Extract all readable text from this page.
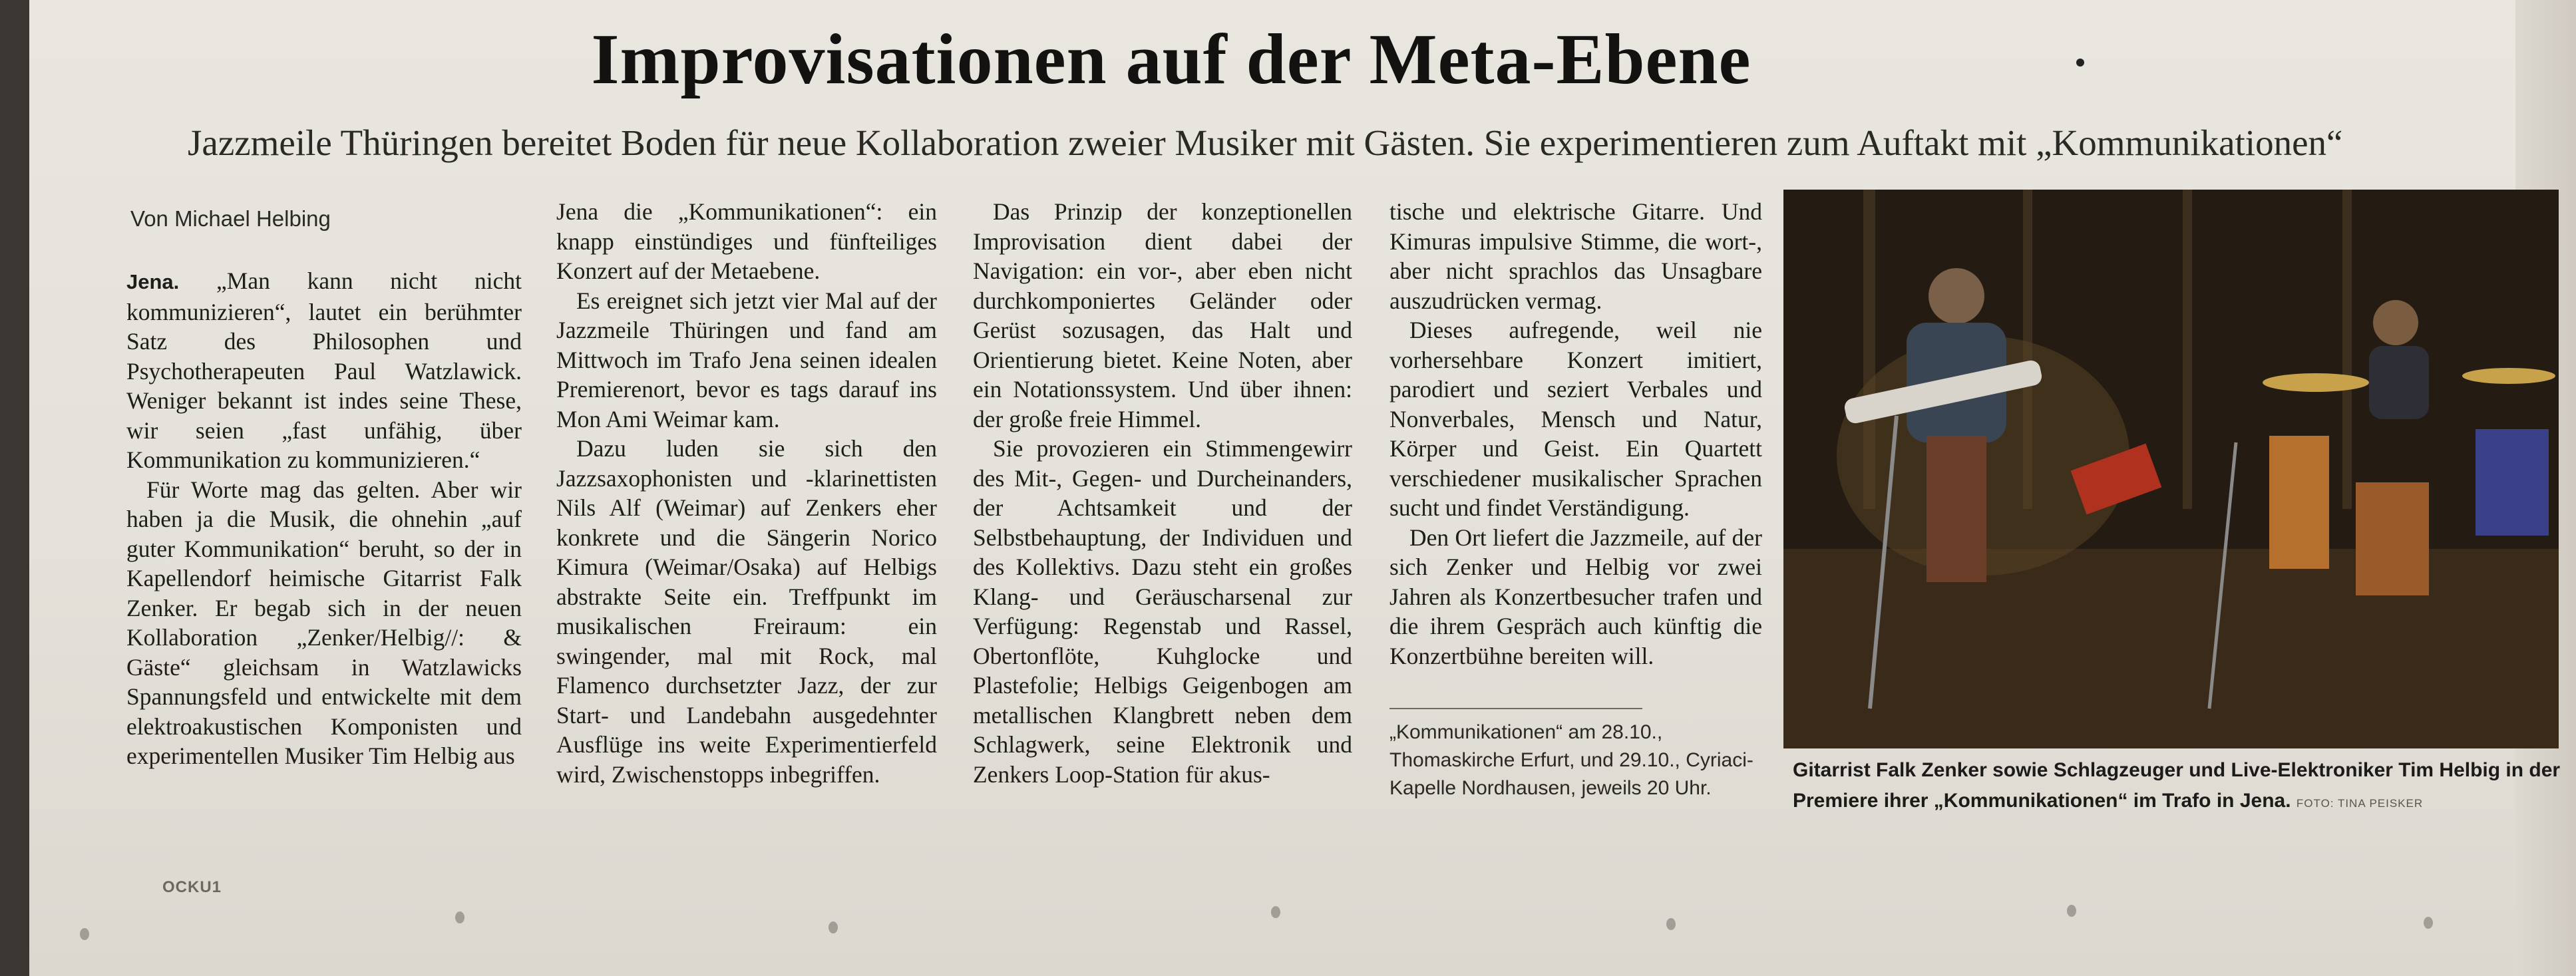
Improvisationen auf der Meta-Ebene
Jazzmeile Thüringen bereitet Boden für neue Kollaboration zweier Musiker mit Gästen. Sie experimentieren zum Auftakt mit „Kommunikationen“
Von Michael Helbing

Jena. „Man kann nicht nicht kommunizieren“, lautet ein berühmter Satz des Philosophen und Psychotherapeuten Paul Watzlawick. Weniger bekannt ist indes seine These, wir seien „fast unfähig, über Kommunikation zu kommunizieren.“

Für Worte mag das gelten. Aber wir haben ja die Musik, die ohnehin „auf guter Kommunikation“ beruht, so der in Kapellendorf heimische Gitarrist Falk Zenker. Er begab sich in der neuen Kollaboration „Zenker/Helbig//: & Gäste“ gleichsam in Watzlawicks Spannungsfeld und entwickelte mit dem elektroakustischen Komponisten und experimentellen Musiker Tim Helbig aus

Jena die „Kommunikationen“: ein knapp einstündiges und fünfteiliges Konzert auf der Metaebene.

Es ereignet sich jetzt vier Mal auf der Jazzmeile Thüringen und fand am Mittwoch im Trafo Jena seinen idealen Premierenort, bevor es tags darauf ins Mon Ami Weimar kam.

Dazu luden sie sich den Jazzsaxophonisten und -klarinettisten Nils Alf (Weimar) auf Zenkers eher konkrete und die Sängerin Norico Kimura (Weimar/Osaka) auf Helbigs abstrakte Seite ein. Treffpunkt im musikalischen Freiraum: ein swingender, mal mit Rock, mal Flamenco durchsetzter Jazz, der zur Start- und Landebahn ausgedehnter Ausflüge ins weite Experimentierfeld wird, Zwischenstopps inbegriffen.

Das Prinzip der konzeptionellen Improvisation dient dabei der Navigation: ein vor-, aber eben nicht durchkomponiertes Geländer oder Gerüst sozusagen, das Halt und Orientierung bietet. Keine Noten, aber ein Notationssystem. Und über ihnen: der große freie Himmel.

Sie provozieren ein Stimmengewirr des Mit-, Gegen- und Durcheinanders, der Achtsamkeit und der Selbstbehauptung, der Individuen und des Kollektivs. Dazu steht ein großes Klang- und Geräuscharsenal zur Verfügung: Regenstab und Rassel, Obertonflöte, Kuhglocke und Plastefolie; Helbigs Geigenbogen am metallischen Klangbrett neben dem Schlagwerk, seine Elektronik und Zenkers Loop-Station für akus-

tische und elektrische Gitarre. Und Kimuras impulsive Stimme, die wort-, aber nicht sprachlos das Unsagbare auszudrücken vermag.

Dieses aufregende, weil nie vorhersehbare Konzert imitiert, parodiert und seziert Verbales und Nonverbales, Mensch und Natur, Körper und Geist. Ein Quartett verschiedener musikalischer Sprachen sucht und findet Verständigung.

Den Ort liefert die Jazzmeile, auf der sich Zenker und Helbig vor zwei Jahren als Konzertbesucher trafen und die ihrem Gespräch auch künftig die Konzertbühne bereiten will.

„Kommunikationen“ am 28.10., Thomaskirche Erfurt, und 29.10., Cyriaci-Kapelle Nordhausen, jeweils 20 Uhr.
Gitarrist Falk Zenker sowie Schlagzeuger und Live-Elektroniker Tim Helbig in der Premiere ihrer „Kommunikationen“ im Trafo in Jena. FOTO: TINA PEISKER
OCKU1
